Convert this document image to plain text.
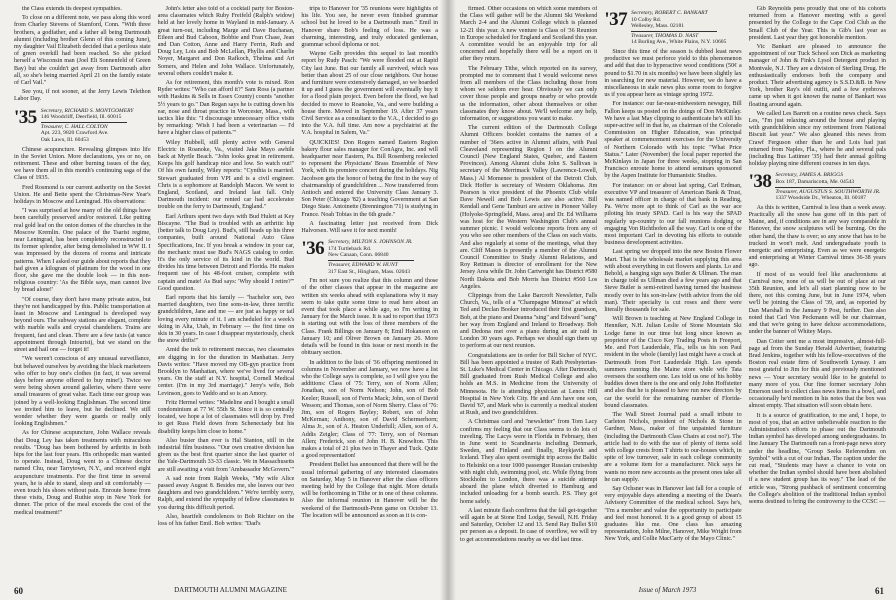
the Class extends its deepest sympathies.

To close on a different note, we pass along this word from Charley Stevens of Stamford, Conn. "With three brothers, a godfather, and a father all being Dartmouth alumni (including brother Glenn of this coming June), my daughter Vail Elizabeth decided that a perilous state of green overkill had been reached. So she picked herself a Wisconsin man (Joel Eli Sonnenfeld of Green Bay) but she couldn't get away from Dartmouth after all, so she's being married April 21 on the family estate of Carl Vail."

See you, if not sooner, at the Jerry Lewis Telethon Labor Day.

'35 Secretary, RICHARD S. MONTGOMERY
146 Woodcliff, Deerfield, Ill. 60015
Treasurer, C. HALL COLTON
Apt. 223, 9820 Crawford Ave.
Oak Lawn, Ill. 60453

Chinese acupuncture. Revealing glimpses into life in the Soviet Union. More declarations, yes or no, on retirement. These and other burning issues of the day, we have them all in this month's continuing saga of the Class of 1935.

Fred Rosmond is our current authority on the Soviet Union. He and Bette spent the Christmas-New Year's holidays in Moscow and Leningrad. His observations:

"I was surprised at how many of the old things have been carefully preserved and/or restored. Like putting real gold leaf on the onion domes of the churches in the Moscow Kremlin. One palace of the Tsarist regime, near Leningrad, has been completely reconstructed to its former splendor, after being demolished in WW II. I was impressed by the dozens of rooms and intricate patterns. When I asked our guide about reports that they had given a kilogram of platinum for the wood in one floor, she gave me the double look — in this non-religious country: 'As the Bible says, man cannot live by bread alone!'

"Of course, they don't have many private autos, but they're not handicapped by this. Public transportation at least in Moscow and Leningrad is developed way beyond ours. The subway stations are elegant, complete with marble walls and crystal chandeliers. Trains are frequent, fast and clean. There are a few taxis (at vance appointment through Intourist), but we stand on the street and hail one — forget it!

"We weren't conscious of any unusual surveillance, but behaved ourselves by avoiding the black marketeers who offer to buy one's clothes (in fact, it was several days before anyone offered to buy mine!). Twice we were being shown around galleries, where there were small treasures of great value. Each time our group was joined by a well-looking Englishman. The second time we invited him to leave, but he declined. We still wonder whether they were guards or really only looking Englishmen."

As for Chinese acupuncture, John Wallace reveals that Doug Ley has taken treatments with miraculous results. "Doug has been bothered by arthritis in both hips for the last four years. His orthopedic man wanted to operate. Instead, Doug went to a Chinese doctor named Chu, near Tarrytown, N.Y., and received eight acupuncture treatments. For the first time in several years, he is able to stand, sleep and sit comfortably — even touch his shoes without pain. Enroute home from these visits, Doug and Ruthie stop in New York for dinner. The price of the meal exceeds the cost of the medical treatment!"

John's letter also told of a cocktail party for Boston-area classmates which Ruby Freifeld (Ralph's widow) held at her lovely home in Wayland in mid-January. A great turn-out, including Marge and Dave Buchanan, Eileen and Bud Cahoon, Bobbie and Fran Chase, Jean and Dan Cotton, Anne and Harry Ferrin, Ruth and Doug Ley, Lois and Bob McLellan, Phyllis and Charlie Noyer, Margaret and Don Rafkoch, Thelma and Art Somers, and Helen and John Wallace. Unfortunately, several others couldn't make it.

As for retirement, this month's vote is mixed. Ron Ryder writes: "Who can afford it?" Sam Ross (a partner with Haskins & Sells in Essex County) counts "another 5½ years to go." Dan Regan says he is cutting down his ear, nose and throat practice in Worcester, Mass., with tactics like this: "I discourage unnecessary office visits by remarking: 'Wish I had been a veterinarian — I'd have a higher class of patients.'"

Wiley Hubbell, still plenty active with General Electric in Roanoke, Va., visited Jake Mayo awhile back at Myrtle Beach. "John looks great in retirement. Keeps his golf handicap nice and low. So watch out!" Of his own family, Wiley reports: "Cynthia is married. Stewart graduated from VPI and is a civil engineer. Chris is a sophomore at Randolph Macon. We went to England, Scotland, and Ireland last fall. Only Dartmouth incident: our rented car had accelerator trouble on the ferry to Dartmouth, England."

Earl Arthurs spent two days with Bud Hulett at Key Biscayne. "The Bud is troubled with an arthritic hip (better talk to Doug Ley). Bud's, still heads up his three companies, built around National Auto Glass Specifications, Inc. If you break a window in your car, the mechanic must use Bud's NAGS catalog to order. It's the only service of its kind in the world. Bud divides his time between Detroit and Florida. He makes frequent use of his 48-foot cruiser, complete with captain and mate! As Bud says: 'Why should I retire?'" Good question.

Earl reports that his family — "bachelor son, two married daughters, two fine sons-in-law, three terrific grandchildren, Jane and me — are just as happy or tail loving every minute of it. I am scheduled for a week's skiing in Alta, Utah, in February — the first time on skis in 30 years. In case I disappear mysteriously, check the snow drifts!"

Amid the trek to retirement meccas, two classmates are digging in for the duration in Manhattan. Jerry Davis writes: "Have moved my OB-gyn practice from Brooklyn to Manhattan, where we've lived for several years. On the staff at N.Y. hospital, Cornell Medical center. (I'm in my 3rd marriage)." Jerry's wife, Bob Levinson, goes to Yaddo and so is an Amory.

Fritz Hermel writes: "Madeline and I bought a small condominium at 77 W. 55th St. Since it is so centrally located, we hope a lot of classmates will drop by. Fred to get Russ Field down from Schenectady but his disability keeps him close to home."

Also busier than ever is Hal Stanton, still in the industrial film business. "Our own creative division has given us the best first quarter since the last quarter of the Yale-Dartmouth 33-33 classic. We in Massachusetts are still awaiting a visit from 'Ambassador McGovern.'"

A sad note from Ralph Weeks, "My wife Alice passed away August 8. Besides me, she leaves our two daughters and two grandchildren." We're terribly sorry, Ralph, and extend the sympathy of fellow classmates to you during this difficult period.

Also, heartfelt condolences to Bob Richter on the loss of his father Emil. Bob writes: "Dad's

trips to Hanover for '35 reunions were highlights of his life. You see, he never even finished grammar school but he loved to be a Dartmouth man." Emil in Hanover share Bob's feeling of loss. He was a charming, interesting, and truly educated gentleman, grammar school diploma or not.

Wayne Gelb provides this sequel to last month's report by Rudy Pasch: "We were flooded out at Rapid City last June. But our family all survived, which was better than about 25 of our close neighbors. Our house and furniture were extensively damaged, so we hoarded it up and I guess the government will eventually buy it for a flood plain project. Even before the flood, we had decided to move to Roanoke, Va., and were building a house there. Moved in September 19. After 37 years Civil Service as a consultant to the V.A., I decided to go into the V.A. full time. Am now a psychiatrist at the V.A. hospital in Salem, Va."

QUICKIES! Don Rogers named Eastern Region bakery flour sales manager for ConAgra, Inc. and will headquarter near Eastern, Pa. Bill Rosenberg reelected to represent the Physicians' Brass Ensemble of New York, with its premiere concert during the holidays. Nig Jacobson gets the honor of being the first in the way of chairmanship of grandchildren ... Now transferred from Antioch and entered the University Class January 3. Son Peter (Chicago '82) a teaching Government at San Diego State. Antoinette (Brennington '71) is studying in France. Noah Tobias in the 6th grade."

A fascinating letter just received from Dick Halvorsen. Will save it for next month!

'36 Secretary, MILTON S. JOHNSON JR.
174 Turtleback Rd.
New Canaan, Conn. 06840
Treasurer, EDWARD W. HUNT
317 East St., Hingham, Mass. 02043

I'm not sure you realize that this column and those of the other classes that appear in the magazine are written six weeks ahead with explanations why it may seem to take quite some time to read here about an event that took place a while ago, so I'm writing in January for the March issue. It is sad to report that 1973 is starting out with the loss of three members of the Class. Frank Billings on January 8; Emil Hokanson on January 10; and Oliver Brown on January 26. More details will be found in this issue or next month in the obituary section.

In addition to the lists of '36 offspring mentioned in columns in November and January, we now have a list who the College says is complete, so I will give you the additions: Class of '75: Terry, son of Norm Allen; Jonathan, son of Norm Nelson; John, son of Bob Keeler; Russell, son of Ferris Mack; John, son of David Wesson; and Thomas, son of Norm Sherry. Class of '76: Jim, son of Rogers Bayley; Robert, son of John McKernan; Anthony, son of David Schermerhorn; Alma Jr., son of A. Heaton Underhill; Allen, son of A. Addis Zeigler; Class of '77: Terry, son of Norman Allen; Frederick, son of John H. B. Knowlton. This makes a total of 21 plus two in Thayer and Tuck. Quite a good representation!

President Bullet has announced that there will be the usual informal gathering of any interested classmates on Saturday, May 5 in Hanover after the class officers meeting held by the College that night. More details will be forthcoming in Tithe or in one of these columns. Also the informal reunion in Hanover will be the weekend of the Dartmouth-Penn game on October 13. The location will be announced as soon as it is con-

60	DARTMOUTH ALUMNI MAGAZINE

firmed. Other occasions on which some members of the Class will gather will be the Alumni Ski Weekend March 2-4 and the Alumni College which is planned 12-21 this year. A new venture is Class of '36 Reunion in Europe scheduled for England and Scotland this year. A committee would be an enjoyable trip for all concerned and hopefully there will be a report on it after they return.

The February Tithe, which reported on its survey, prompted me to comment that I would welcome news from all members of the Class including those from whom we seldom ever hear. Obviously we can only cover those people and groups nearby or who provide us the information, other about themselves or other classmates they know about. We'll welcome any help, information, or suggestions you want to make.

The current edition of the Dartmouth College Alumni Officers booklet contains the names of a number of '36ers active in Alumni affairs, with Paul Cleaveland representing Region I on the Alumni Council (New England States, Quebec, and Eastern Provinces). Among Alumni clubs John S. Sullivan is secretary of the Merrimack Valley (Lawrence-Lowell, Mass.) Al Momenee is president of the Detroit Club. Dick Hoffer is secretary of Western Oklahoma. Jim Pearson is vice president of the Phoenix Club while Dave Newell and Bob Lewis are also active. Bill Kendall and Gene Tamburi are active in Pioneer Valley (Holyoke-Springfield, Mass. area) and Dr. Ed Williams was host for the Western Washington Club's annual summer picnic. I would welcome reports from any of you who see other members of the Class on such visits. And also regularly at some of the meetings, what they are. Cliff Mason is presently a member of the Alumni Council Committee to Study Alumni Relations, and Roy Rettman is director of enrollment for the New Jersey Area while Dr. John Cartwright has District #580 North Dakota and Bob Morris has District #560 Los Angeles.

Clippings from the Lake Barcroft Newsletter, Falls Church, Va., tells of a "Champagne Mimosa" at which Ted and Declan Booker introduced their first grandson, Bob, at the piano and Deanna "sing" and Edward "sang" her way from England and Ireland to Broadway. Bob and Dedona met over a piano during an air raid in London 30 years ago. Perhaps we should sign them up to perform at our next reunion.

Congratulations are in order for Bill Sicher of NYC. Bill has been appointed a trustee of Rath Presbyterian-St. Luke's Medical Center in Chicago. After Dartmouth, Bill graduated from Rush Medical College and also holds an M.S. in Medicine from the University of Minnesota. He is attending physician at Lenox Hill Hospital in New York City. He and Ann have one son, David '67, and Mark who is currently a medical student at Rush, and two grandchildren.

A Christmas card and "newsletter" from Tom Lacy confirms my feeling that our Class seems to do lots of traveling. The Lacys were in Florida in February, then in June went to Scandinavia including Denmark, Sweden, and Finland and finally, Reykjavik and Iceland. They also spent overnight trip across the Baltic to Helsinki on a tour 1000 passenger Russian cruiseship with night club, swimming pool, etc. While flying from Stockholm to London, there was a suicide attempt aboard the plane which diverted to Hamburg and included unloading for a bomb search. P.S. They got home safely.

A last minute flash confirms that the fall get-together will again be at Stone End Lodge, Sewall, N.H. Friday and Saturday, October 12 and 13. Send Ray Bullet $10 per person as a deposit. In case of overflow, we will try to get accommodations nearby as we did last time.

'37 Secretary, ROBERT C. BANKART
10 Colby Rd.
Wellesley, Mass. 02181
Treasurer, THOMAS D. NAST
14 Burling Ave., White Plains, N.Y. 10605

Since this time of the season is dubbed least news productive we must perforce yield to this phenomenon and add that due to hyperactive wood conditions (50¢ a pound to $1.70 in six months) we have been slightly lax in searching for new material. However, we do have a miscellaneous in stale news plus some room to forgive us if you appear here as vintage spring 1972.

For instance: our far-near-midwestern newsguy, Bill Fallon keeps us posted on the doings of Don McKinlay. We have a last May clipping to authenticate he's still his super-active self in that he, as chairman of the Colorado Commission on Higher Education, was principal speaker at commencement exercises for the University of Northern Colorado with his topic "What Price Status." Later (November) the local paper reported the McKinlays in Japan for three weeks, stopping in San Francisco enroute home to attend seminars sponsored by the Aspen Institute for Humanistic Studies.

For instance: on or about last spring, Carl Erdman, executive VP and treasurer of American Bank & Trust, was named officer in charge of that bank in Reading, Pa. We're more apt to think of Carl as the war ace piloting his trusty SPAD. Carl is his way the SPAD regularly up-country to our fall reunions dodging or engaging Von Richthofen all the way. Carl is one of the most important Carl in devoting his efforts to outside business development activities.

Last spring we dropped into the new Boston Flower Mart. That is the wholesale market supplying this area with about everything in cut flowers and plants. Lo and Behold, a hanging sign says Butler & Ullman. The man in charge told us Ullman died a few years ago and that Steve Butler is semi-retired having turned the business mostly over to his son-in-law (with advice from the old man). Their specialty is cut roses and there were literally thousands for sale.

Will Brown is teaching at New England College in Henniker, N.H. Julian Leslie of Stone Mountain Ski Lodge fame in our time but long since known as proprietor of the Cisco Key Trading Posts in Freeport, Me. and Fort Lauderdale, Fla., tells us his son Paul resident in the whole (family) last might have a crack at Dartmouth from Fort Lauderdale High. Les spends summers running the Maine store while wife Tata oversees the southern one. Les told us one of his hobby buddies down there is the one and only John Hoffstetter and also that he is pleased to have run new directors by car the world for the remaining number of Florida-bound classmates.

The Wall Street Journal paid a small tribute to Carleton Nichols, president of Nichols & Stone in Gardner, Mass., maker of fine unpainted furniture (including the Dartmouth Class Chairs at cost no?). The article had to do with the use of plenty of items sold with college crests from T shirts to our-houses which, in spite of low turnover, sale in each college community are a volume item for a manufacturer. Nick says he wants no more new accounts as the present ones take all he can supply.

Say Ochsner was in Hanover last fall for a couple of very enjoyable days attending a meeting of the Dean's Advisory Committee of the medical school. Says he's, "I'm a member and value the opportunity to participate and feel most honored. It is a good group of about 15 graduates like me. One class has amazing representation, John Milne, Hanover, Mike Wright from New York, and Collie MacCarty of the Mayo Clinic."

Gib Reynolds pens proudly that one of his cohorts returned from a Hanover meeting with a gavel presented by the College to the Cape Cod Club as the Small Club of the Year. This is Gib's last year as president. Last year they got honorable mention.

Vic Bankart are pleased to announce the appointment of our Tuck School son Dick as marketing manager of John & Fink's Lysol Detergent product in Montvale, N.J. They are a division of Sterling Drug. He enthusiastically endorses both the company and product. Their advertising agency is S.S.D.&B. in New York, brother Ray's old outfit, and a few eyebrows came up when it got known the name of Bankart was floating around again.

We called Les Barrett on a routine news check. Says Les, "I'm just relaxing around the house and playing with grandchildren since my retirement from National Biscuit last year." We also gleaned this news from Crawf Ferguson other than he and Lois had just returned from Naples, Fla., where he and several pals (including Bus Lattimer '35) had their annual golfing holiday playing nine different courses in ten days.

'38 Secretary, JAMES A. BRIGGS
Box 187, Damariscotta, Me. 04543
Treasurer, AUGUSTUS S. SOUTHWORTH JR.
1337 Woodside Dr., Wheaton, Ill. 60187

As this is written, Carnival is less than a week away. Practically all the snow has gone off in this part of Maine, and, if conditions are in any way comparable in Hanover, the snow sculptures will be burning. On the other hand, the thaw is over; so any snow that has to be trucked in won't melt. And undergraduate youth is energetic and enterprising. Even as we were energetic and enterprising at Winter Carnival times 36-38 years ago.

If most of us would feel like anachronisms at Carnival now, none of us will be out of place at our 35th Reunion, and let's all start planning now to be there, not this coming June, but in June 1974, when we'll be joining the Class of '39, and, as reported by Dan Marshall in the January 9 Post, further. Dan also noted that Carl Von Peckmann will be our chairman, and that we're going to have deluxe accommodations, under the banner of Whitey Mays.

Dan Cotter sent me a most impressive, almost-full-page ad from the Sunday Herald Advertiser, featuring Brad Jenkins, together with his fellow-executives of the Boston real estate firm of Southworth Lynsay. I am most grateful to Jim for this and previously mentioned news — Your secretary would like to be grateful to many more of you. Our fine former secretary John Emerson used to collect class news items in a bowl, and occasionally he'd mention in his notes that the box was almost empty. That situation will soon obtain here.

It is a source of gratification, to me and, I hope, to most of you, that an active unbelievable reaction to the Administration's efforts to phase out the Dartmouth Indian symbol has developed among undergraduates. In line January The Dartmouth ran a front-page news story under the headline, "Group Seeks Referendum on Symbol" with a cut of our Indian. The caption under the cut read, "Students may have a chance to vote on whether the Indian symbol should have been abolished if a new student group has its way." The lead of the article was, "Strong pushback of sentiment concerning the College's abolition of the traditional Indian symbol seems destined to bring the controversy to the CCSC —

Issue of March 1973	61
